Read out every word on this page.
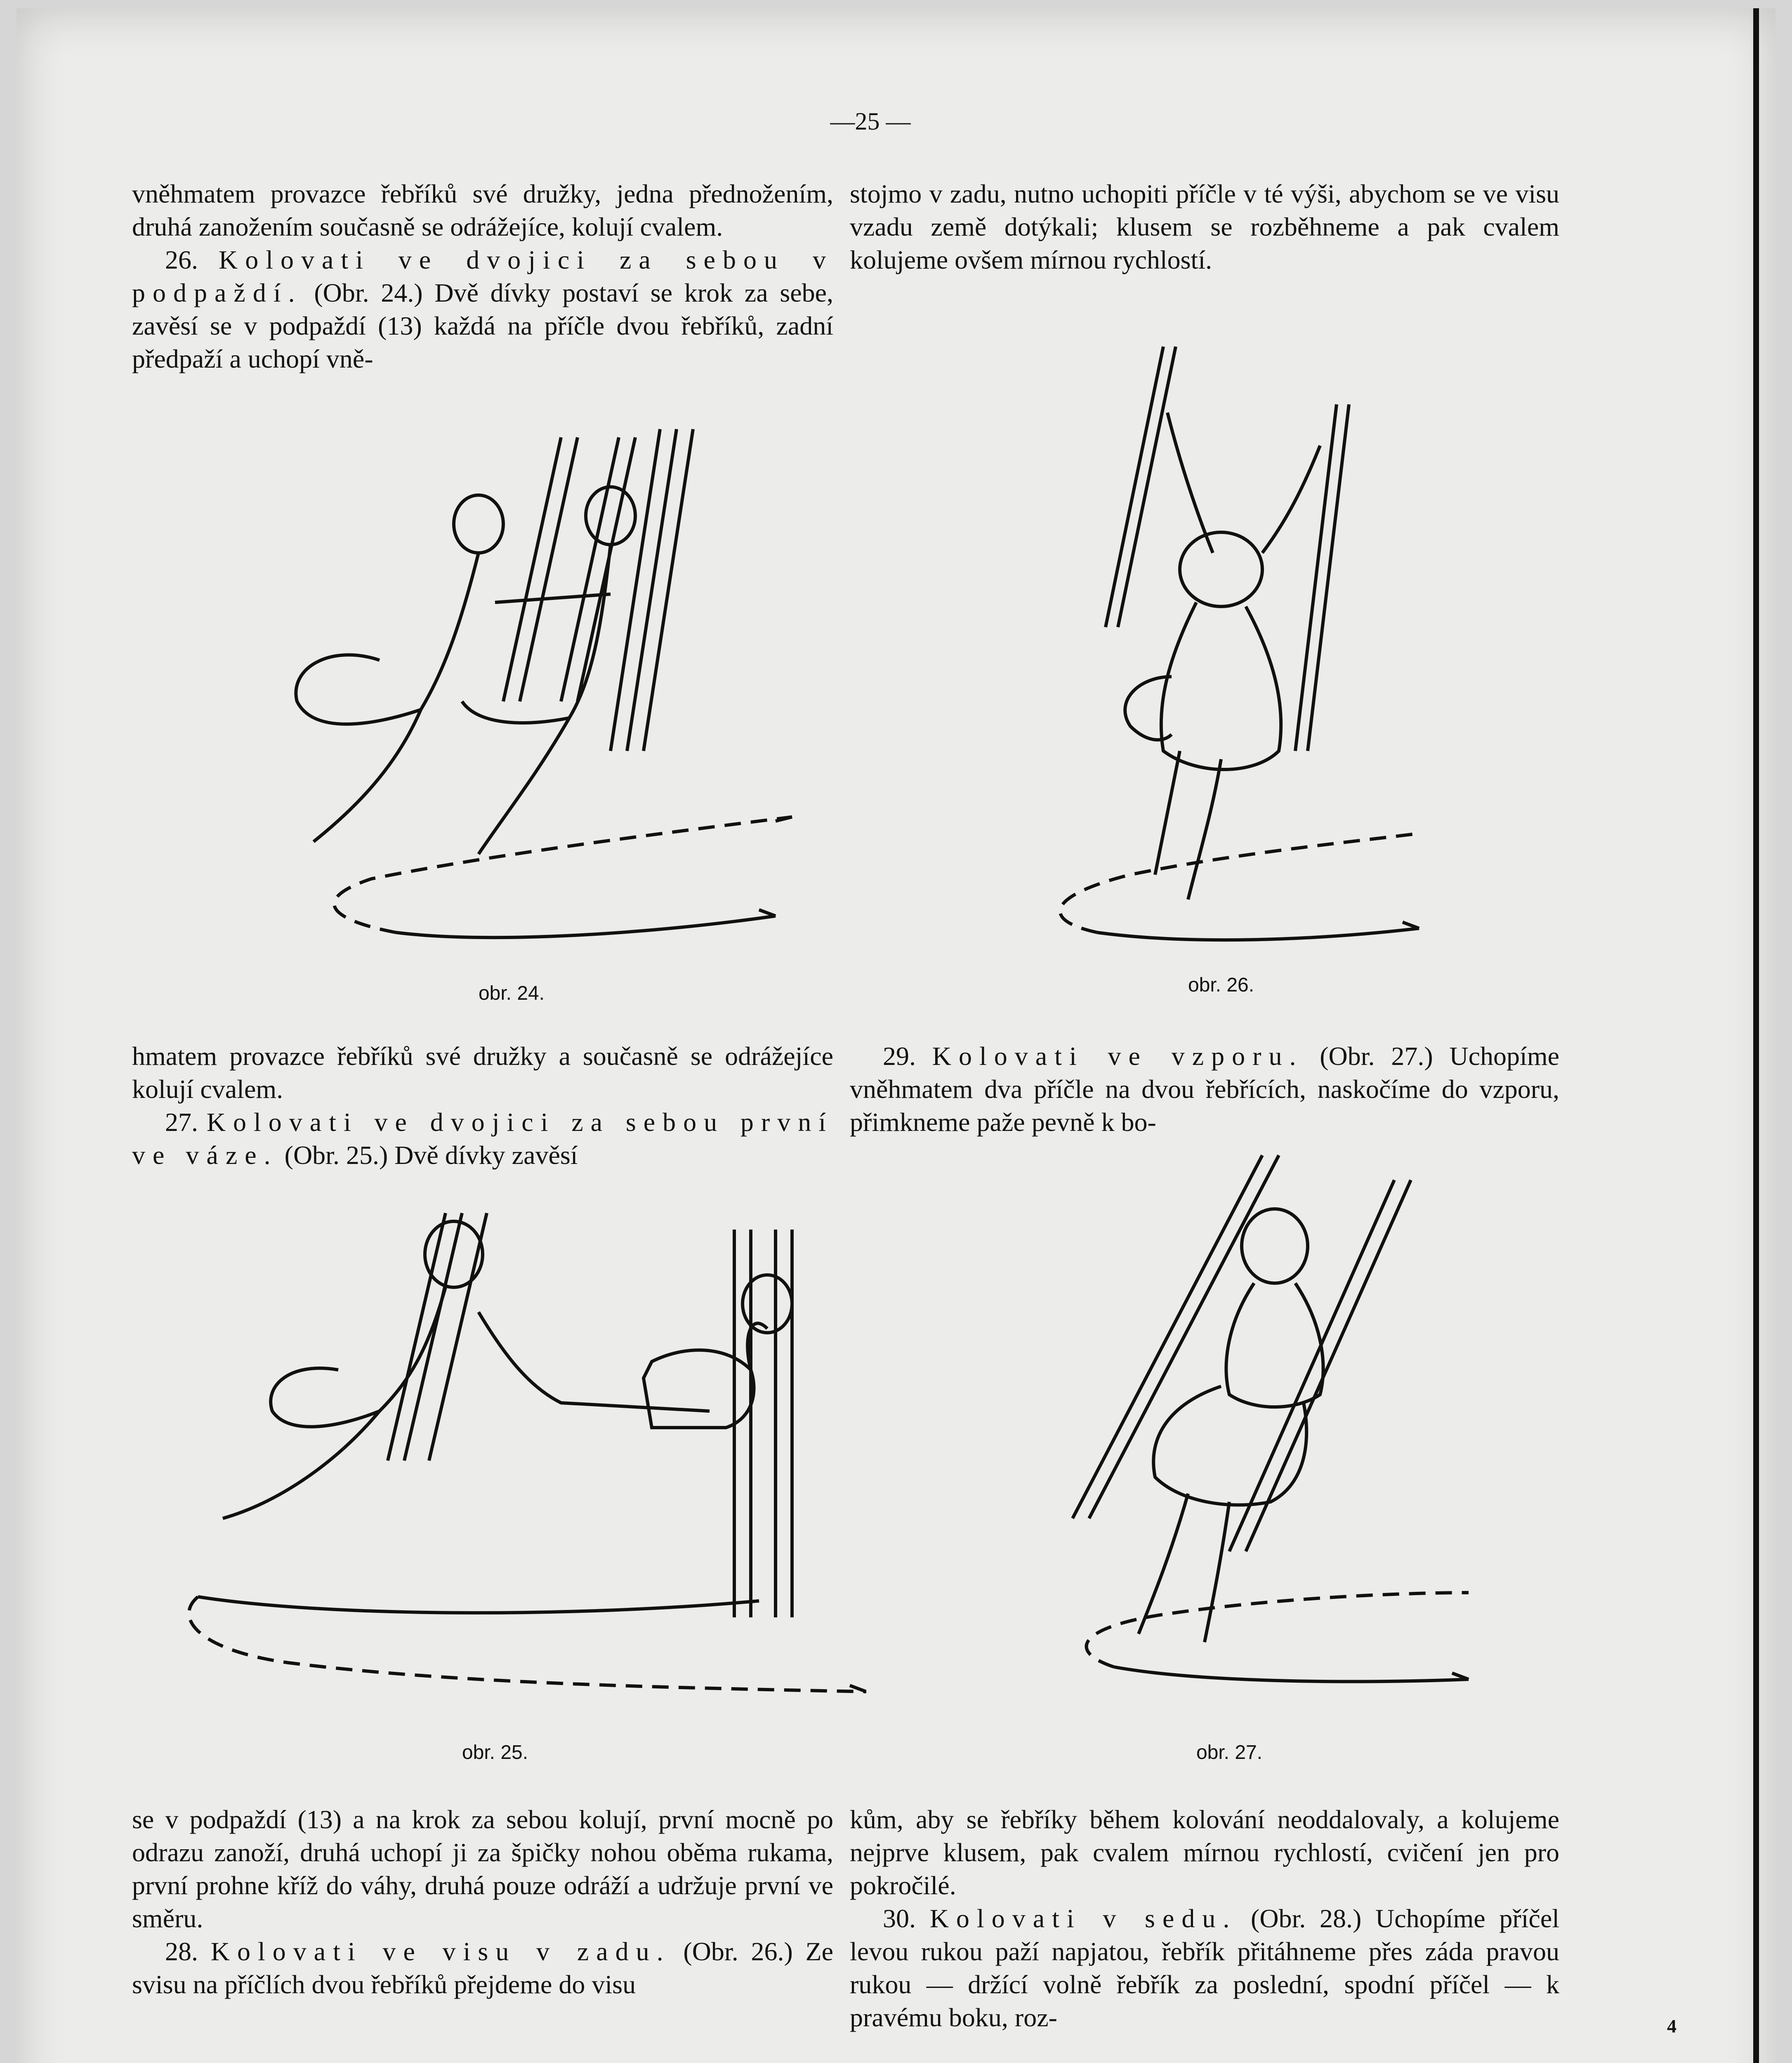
—25 —

vněhmatem provazce řebříků své družky, jedna přednožením, druhá zanožením současně se odrážejíce, kolují cvalem.

26. Kolovati ve dvojici za sebou v podpaždí. (Obr. 24.) Dvě dívky postaví se krok za sebe, zavěsí se v podpaždí (13) každá na příčle dvou řebříků, zadní předpaží a uchopí vně-

stojmo v zadu, nutno uchopiti příčle v té výši, abychom se ve visu vzadu země dotýkali; klusem se rozběhneme a pak cvalem kolujeme ovšem mírnou rychlostí.

obr. 24.	obr. 26.

hmatem provazce řebříků své družky a současně se odrážejíce kolují cvalem.

27. Kolovati ve dvojici za sebou první ve váze. (Obr. 25.) Dvě dívky zavěsí

29. Kolovati ve vzporu. (Obr. 27.) Uchopíme vněhmatem dva příčle na dvou řebřících, naskočíme do vzporu, přimkneme paže pevně k bo-

obr. 25.	obr. 27.

se v podpaždí (13) a na krok za sebou kolují, první mocně po odrazu zanoží, druhá uchopí ji za špičky nohou oběma rukama, první prohne kříž do váhy, druhá pouze odráží a udržuje první ve směru.

28. Kolovati ve visu v zadu. (Obr. 26.) Ze svisu na příčlích dvou řebříků přejdeme do visu

kům, aby se řebříky během kolování neoddalovaly, a kolujeme nejprve klusem, pak cvalem mírnou rychlostí, cvičení jen pro pokročilé.

30. Kolovati v sedu. (Obr. 28.) Uchopíme příčel levou rukou paží napjatou, řebřík přitáhneme přes záda pravou rukou — držící volně řebřík za poslední, spodní příčel — k pravému boku, roz-	4
